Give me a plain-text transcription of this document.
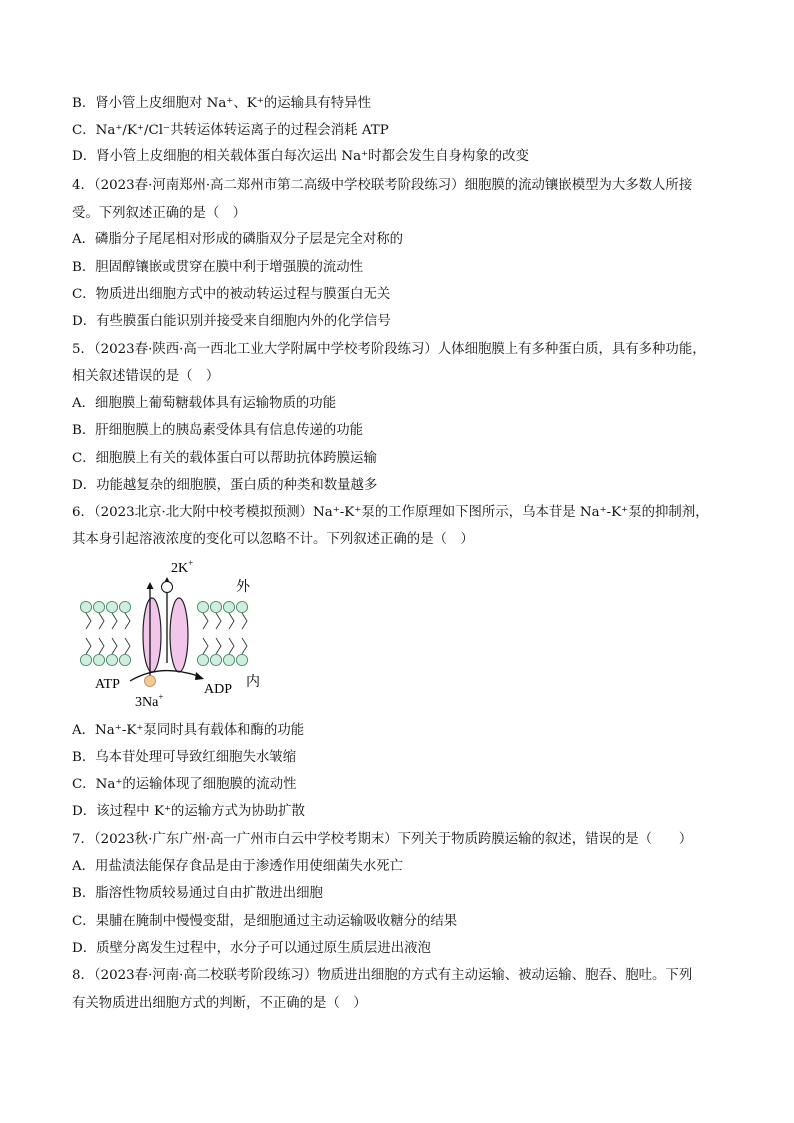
B．肾小管上皮细胞对 Na⁺、K⁺的运输具有特异性
C．Na⁺/K⁺/Cl⁻共转运体转运离子的过程会消耗 ATP
D．肾小管上皮细胞的相关载体蛋白每次运出 Na⁺时都会发生自身构象的改变
4．（2023春·河南郑州·高二郑州市第二高级中学校联考阶段练习）细胞膜的流动镶嵌模型为大多数人所接
受。下列叙述正确的是（　）
A．磷脂分子尾尾相对形成的磷脂双分子层是完全对称的
B．胆固醇镶嵌或贯穿在膜中利于增强膜的流动性
C．物质进出细胞方式中的被动转运过程与膜蛋白无关
D．有些膜蛋白能识别并接受来自细胞内外的化学信号
5．（2023春·陕西·高一西北工业大学附属中学校考阶段练习）人体细胞膜上有多种蛋白质，具有多种功能，
相关叙述错误的是（　）
A．细胞膜上葡萄糖载体具有运输物质的功能
B．肝细胞膜上的胰岛素受体具有信息传递的功能
C．细胞膜上有关的载体蛋白可以帮助抗体跨膜运输
D．功能越复杂的细胞膜，蛋白质的种类和数量越多
6．（2023北京·北大附中校考模拟预测）Na⁺-K⁺泵的工作原理如下图所示，乌本苷是 Na⁺-K⁺泵的抑制剂，
其本身引起溶液浓度的变化可以忽略不计。下列叙述正确的是（　）
2K+
外
内
ATP	ADP
3Na+
A．Na⁺-K⁺泵同时具有载体和酶的功能
B．乌本苷处理可导致红细胞失水皱缩
C．Na⁺的运输体现了细胞膜的流动性
D．该过程中 K⁺的运输方式为协助扩散
7．（2023秋·广东广州·高一广州市白云中学校考期末）下列关于物质跨膜运输的叙述，错误的是（　　）
A．用盐渍法能保存食品是由于渗透作用使细菌失水死亡
B．脂溶性物质较易通过自由扩散进出细胞
C．果脯在腌制中慢慢变甜，是细胞通过主动运输吸收糖分的结果
D．质壁分离发生过程中，水分子可以通过原生质层进出液泡
8．（2023春·河南·高二校联考阶段练习）物质进出细胞的方式有主动运输、被动运输、胞吞、胞吐。下列
有关物质进出细胞方式的判断，不正确的是（　）
